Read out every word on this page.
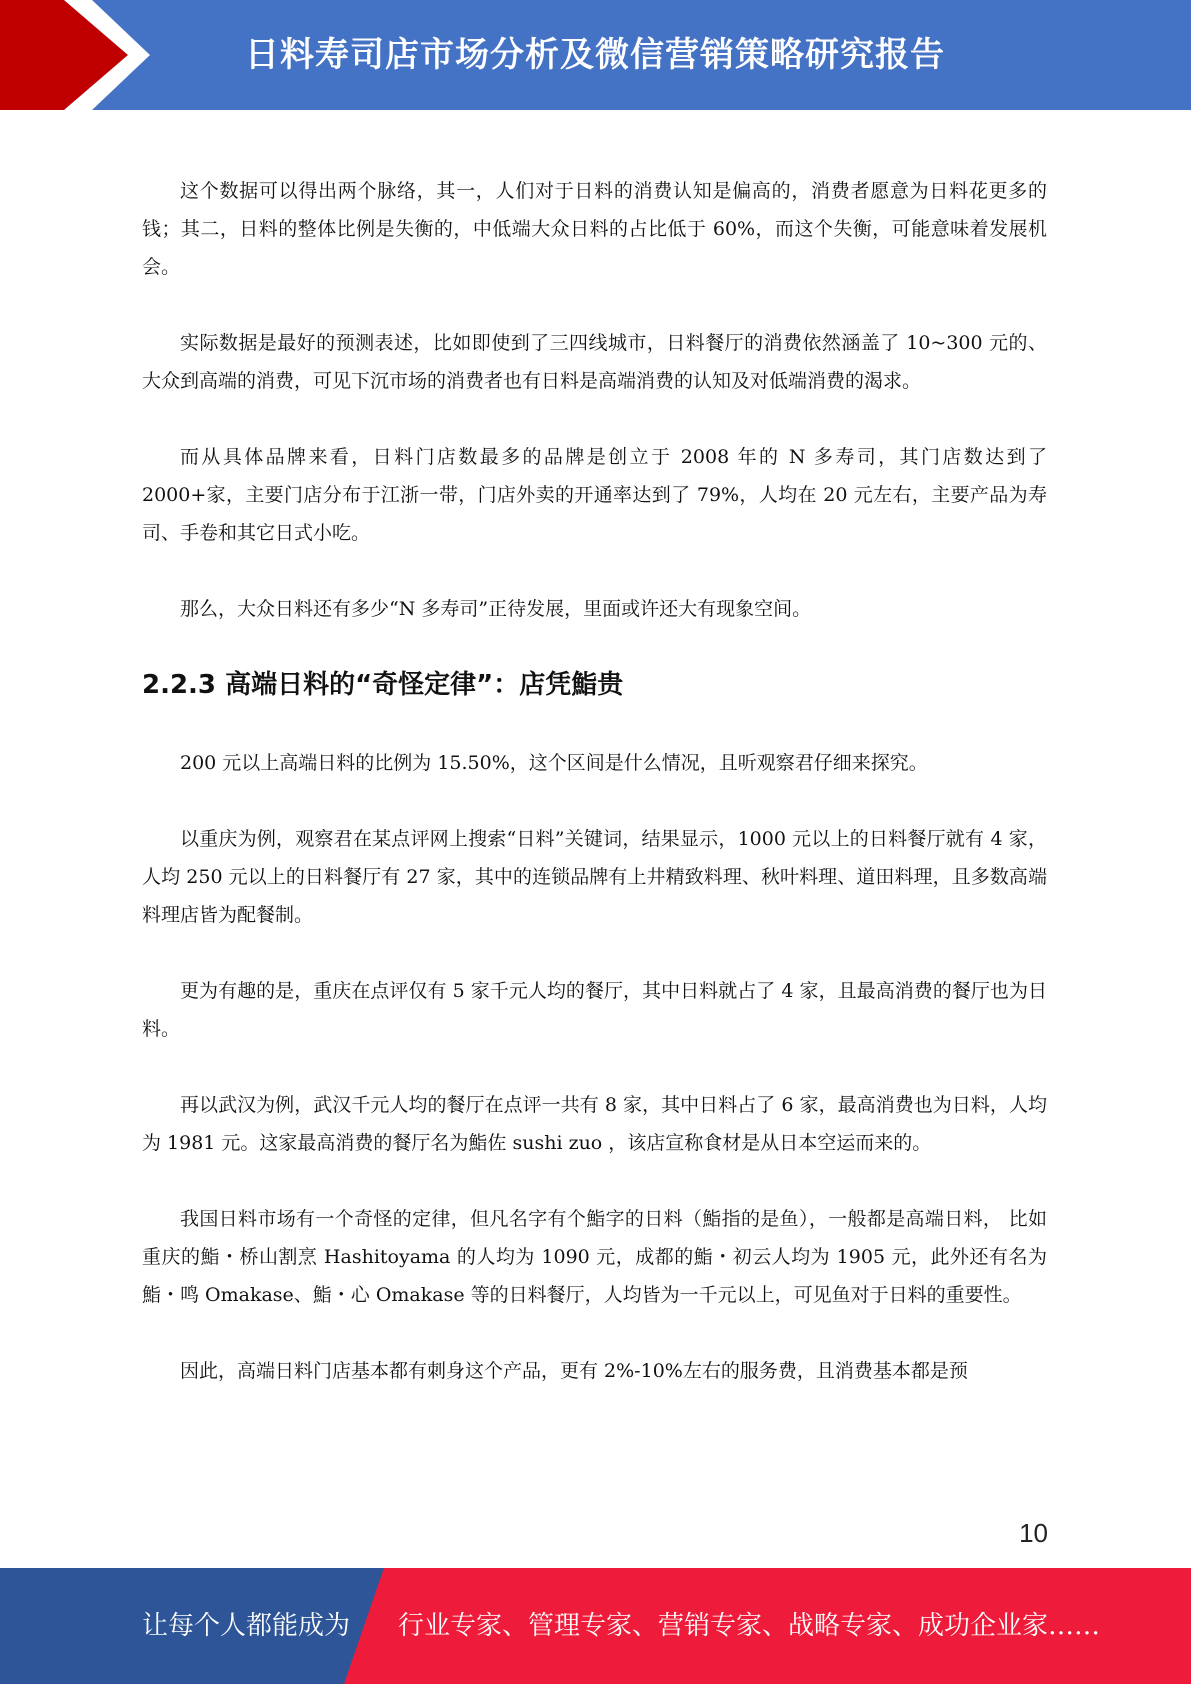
日料寿司店市场分析及微信营销策略研究报告

这个数据可以得出两个脉络，其一，人们对于日料的消费认知是偏高的，消费者愿意为日料花更多的钱；其二，日料的整体比例是失衡的，中低端大众日料的占比低于 60%，而这个失衡，可能意味着发展机会。

实际数据是最好的预测表述，比如即使到了三四线城市，日料餐厅的消费依然涵盖了 10~300 元的、大众到高端的消费，可见下沉市场的消费者也有日料是高端消费的认知及对低端消费的渴求。

而从具体品牌来看，日料门店数最多的品牌是创立于 2008 年的 N 多寿司，其门店数达到了 2000+家，主要门店分布于江浙一带，门店外卖的开通率达到了 79%，人均在 20 元左右，主要产品为寿司、手卷和其它日式小吃。

那么，大众日料还有多少“N 多寿司”正待发展，里面或许还大有现象空间。

2.2.3 高端日料的“奇怪定律”：店凭鮨贵

200 元以上高端日料的比例为 15.50%，这个区间是什么情况，且听观察君仔细来探究。

以重庆为例，观察君在某点评网上搜索“日料”关键词，结果显示，1000 元以上的日料餐厅就有 4 家，人均 250 元以上的日料餐厅有 27 家，其中的连锁品牌有上井精致料理、秋叶料理、道田料理，且多数高端料理店皆为配餐制。

更为有趣的是，重庆在点评仅有 5 家千元人均的餐厅，其中日料就占了 4 家，且最高消费的餐厅也为日料。

再以武汉为例，武汉千元人均的餐厅在点评一共有 8 家，其中日料占了 6 家，最高消费也为日料，人均为 1981 元。这家最高消费的餐厅名为鮨佐 sushi zuo ，该店宣称食材是从日本空运而来的。

我国日料市场有一个奇怪的定律，但凡名字有个鮨字的日料（鮨指的是鱼），一般都是高端日料， 比如重庆的鮨・桥山割烹 Hashitoyama 的人均为 1090 元，成都的鮨・初云人均为 1905 元，此外还有名为鮨・鸣 Omakase、鮨・心 Omakase 等的日料餐厅，人均皆为一千元以上，可见鱼对于日料的重要性。

因此，高端日料门店基本都有刺身这个产品，更有 2%-10%左右的服务费，且消费基本都是预

10
让每个人都能成为 行业专家、管理专家、营销专家、战略专家、成功企业家……
